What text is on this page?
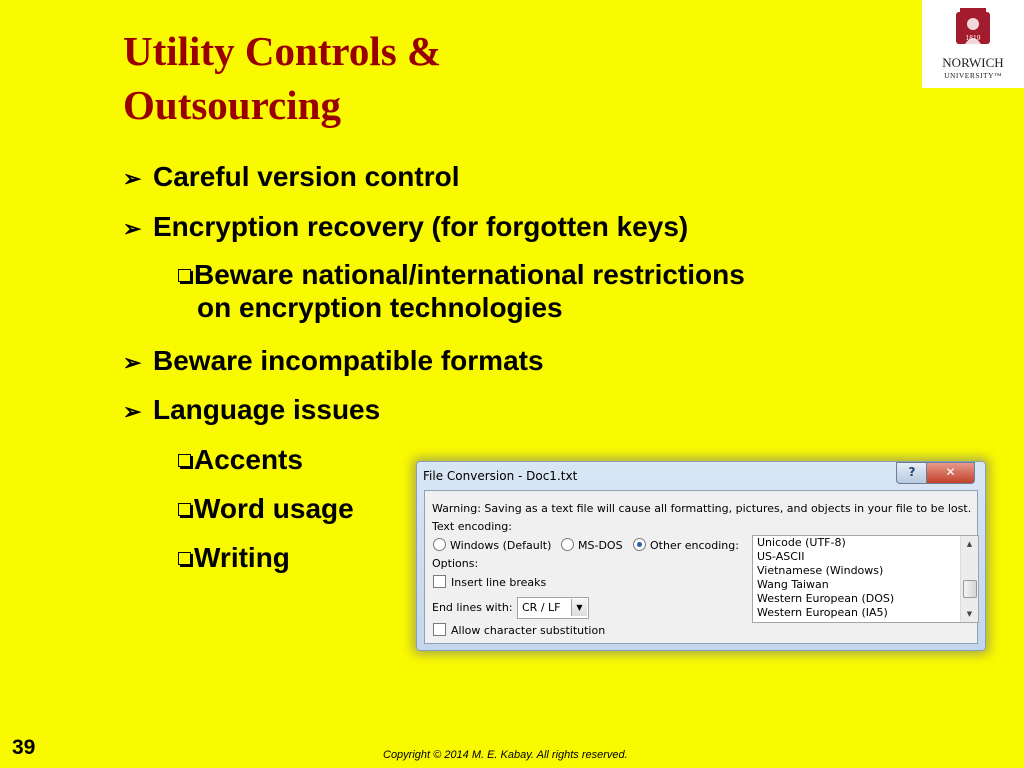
Utility Controls &
Outsourcing
1819
NORWICH
UNIVERSITY™
➢ Careful version control
➢ Encryption recovery (for forgotten keys)
Beware national/international restrictions
on encryption technologies
➢ Beware incompatible formats
➢ Language issues
Accents
Word usage
Writing
File Conversion - Doc1.txt	?	✕
Warning: Saving as a text file will cause all formatting, pictures, and objects in your file to be lost.
Text encoding:
Windows (Default)	MS-DOS	Other encoding:
Options:
Insert line breaks
End lines with: CR / LF	▼
Allow character substitution
Unicode (UTF-8)
US-ASCII
Vietnamese (Windows)
Wang Taiwan
Western European (DOS)
Western European (IA5)
▲
▼
39	Copyright © 2014 M. E. Kabay. All rights reserved.
